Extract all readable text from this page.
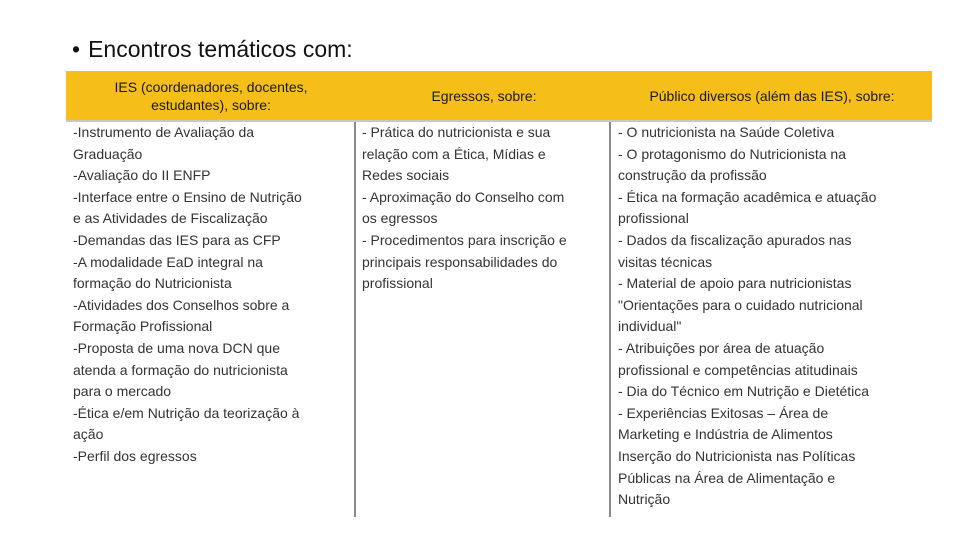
• Encontros temáticos com:
IES (coordenadores, docentes,
estudantes), sobre:
Egressos, sobre:	Público diversos (além das IES), sobre:
-Instrumento de Avaliação da
Graduação
-Avaliação do II ENFP
-Interface entre o Ensino de Nutrição
e as Atividades de Fiscalização
-Demandas das IES para as CFP
-A modalidade EaD integral na
formação do Nutricionista
-Atividades dos Conselhos sobre a
Formação Profissional
-Proposta de uma nova DCN que
atenda a formação do nutricionista
para o mercado
-Ética e/em Nutrição da teorização à
ação
-Perfil dos egressos
- Prática do nutricionista e sua
relação com a Ética, Mídias e
Redes sociais
- Aproximação do Conselho com
os egressos
- Procedimentos para inscrição e
principais responsabilidades do
profissional
- O nutricionista na Saúde Coletiva
- O protagonismo do Nutricionista na
construção da profissão
- Ética na formação acadêmica e atuação
profissional
- Dados da fiscalização apurados nas
visitas técnicas
- Material de apoio para nutricionistas
"Orientações para o cuidado nutricional
individual"
- Atribuições por área de atuação
profissional e competências atitudinais
- Dia do Técnico em Nutrição e Dietética
- Experiências Exitosas – Área de
Marketing e Indústria de Alimentos
Inserção do Nutricionista nas Políticas
Públicas na Área de Alimentação e
Nutrição
